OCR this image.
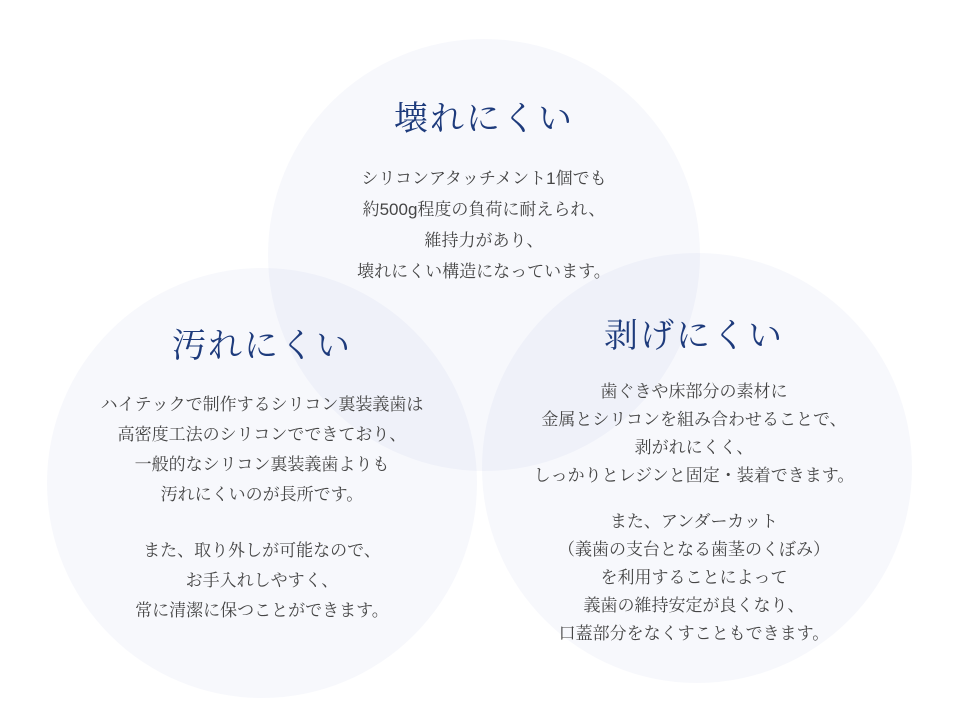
壊れにくい
シリコンアタッチメント1個でも
約500g程度の負荷に耐えられ、
維持力があり、
壊れにくい構造になっています。
汚れにくい
ハイテックで制作するシリコン裏装義歯は
高密度工法のシリコンでできており、
一般的なシリコン裏装義歯よりも
汚れにくいのが長所です。
また、取り外しが可能なので、
お手入れしやすく、
常に清潔に保つことができます。
剥げにくい
歯ぐきや床部分の素材に
金属とシリコンを組み合わせることで、
剥がれにくく、
しっかりとレジンと固定・装着できます。
また、アンダーカット
（義歯の支台となる歯茎のくぼみ）
を利用することによって
義歯の維持安定が良くなり、
口蓋部分をなくすこともできます。
